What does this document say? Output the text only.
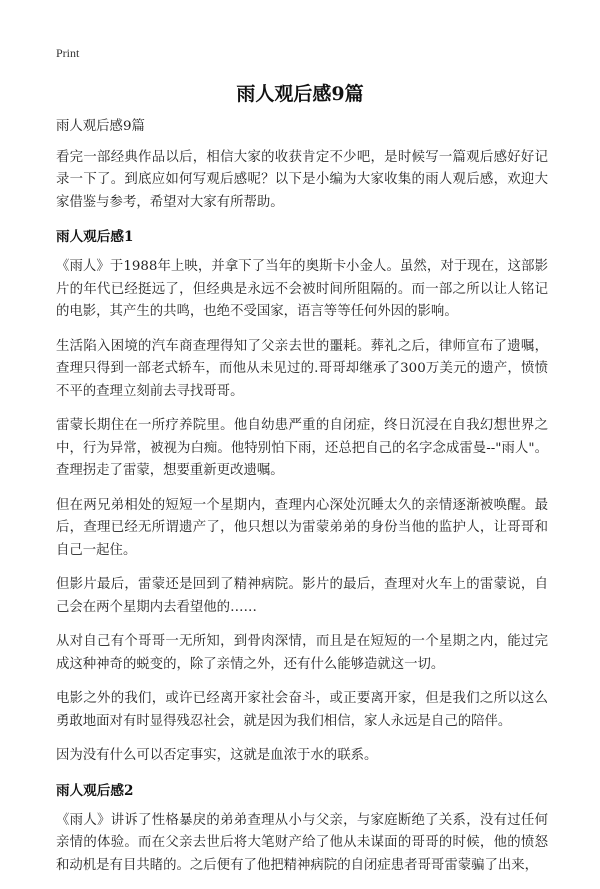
Print
雨人观后感9篇

雨人观后感9篇

看完一部经典作品以后，相信大家的收获肯定不少吧，是时候写一篇观后感好好记录一下了。到底应如何写观后感呢？以下是小编为大家收集的雨人观后感，欢迎大家借鉴与参考，希望对大家有所帮助。

雨人观后感1

《雨人》于1988年上映，并拿下了当年的奥斯卡小金人。虽然，对于现在，这部影片的年代已经挺远了，但经典是永远不会被时间所阻隔的。而一部之所以让人铭记的电影，其产生的共鸣，也绝不受国家，语言等等任何外因的影响。

生活陷入困境的汽车商查理得知了父亲去世的噩耗。葬礼之后，律师宣布了遗嘱，查理只得到一部老式轿车，而他从未见过的.哥哥却继承了300万美元的遗产，愤愤不平的查理立刻前去寻找哥哥。

雷蒙长期住在一所疗养院里。他自幼患严重的自闭症，终日沉浸在自我幻想世界之中，行为异常，被视为白痴。他特别怕下雨，还总把自己的名字念成雷曼--"雨人"。查理拐走了雷蒙，想要重新更改遗嘱。

但在两兄弟相处的短短一个星期内，查理内心深处沉睡太久的亲情逐渐被唤醒。最后，查理已经无所谓遗产了，他只想以为雷蒙弟弟的身份当他的监护人，让哥哥和自己一起住。

但影片最后，雷蒙还是回到了精神病院。影片的最后，查理对火车上的雷蒙说，自己会在两个星期内去看望他的……

从对自己有个哥哥一无所知，到骨肉深情，而且是在短短的一个星期之内，能过完成这种神奇的蜕变的，除了亲情之外，还有什么能够造就这一切。

电影之外的我们，或许已经离开家社会奋斗，或正要离开家，但是我们之所以这么勇敢地面对有时显得残忍社会，就是因为我们相信，家人永远是自己的陪伴。

因为没有什么可以否定事实，这就是血浓于水的联系。

雨人观后感2

《雨人》讲诉了性格暴戾的弟弟查理从小与父亲，与家庭断绝了关系，没有过任何亲情的体验。而在父亲去世后将大笔财产给了他从未谋面的哥哥的时候，他的愤怒和动机是有目共睹的。之后便有了他把精神病院的自闭症患者哥哥雷蒙骗了出来，
